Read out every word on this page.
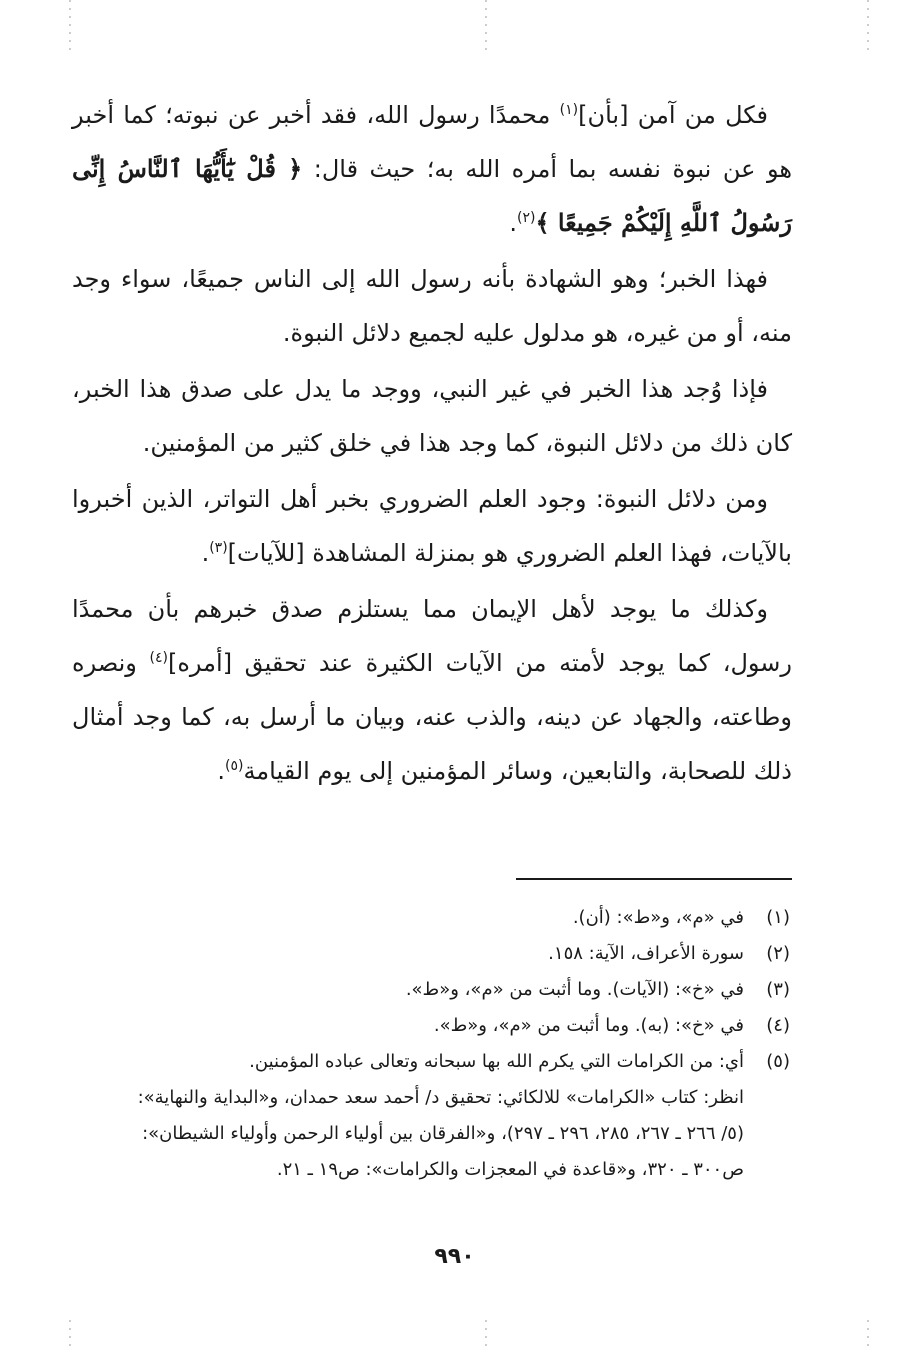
فكل من آمن [بأن]$^{(١)}$ محمدًا رسول الله، فقد أخبر عن نبوته؛ كما أخبر هو عن نبوة نفسه بما أمره الله به؛ حيث قال: ﴿ قُلْ يَٰٓأَيُّهَا ٱلنَّاسُ إِنِّى رَسُولُ ٱللَّهِ إِلَيْكُمْ جَمِيعًا ﴾$^{(٢)}$.

فهذا الخبر؛ وهو الشهادة بأنه رسول الله إلى الناس جميعًا، سواء وجد منه، أو من غيره، هو مدلول عليه لجميع دلائل النبوة.

فإذا وُجد هذا الخبر في غير النبي، ووجد ما يدل على صدق هذا الخبر، كان ذلك من دلائل النبوة، كما وجد هذا في خلق كثير من المؤمنين.

ومن دلائل النبوة: وجود العلم الضروري بخبر أهل التواتر، الذين أخبروا بالآيات، فهذا العلم الضروري هو بمنزلة المشاهدة [للآيات]$^{(٣)}$.

وكذلك ما يوجد لأهل الإيمان مما يستلزم صدق خبرهم بأن محمدًا رسول، كما يوجد لأمته من الآيات الكثيرة عند تحقيق [أمره]$^{(٤)}$ ونصره وطاعته، والجهاد عن دينه، والذب عنه، وبيان ما أرسل به، كما وجد أمثال ذلك للصحابة، والتابعين، وسائر المؤمنين إلى يوم القيامة$^{(٥)}$.

(١)
في «م»، و«ط»: (أن).
(٢)
سورة الأعراف، الآية: ١٥٨.
(٣)
في «خ»: (الآيات). وما أثبت من «م»، و«ط».
(٤)
في «خ»: (به). وما أثبت من «م»، و«ط».
(٥)
أي: من الكرامات التي يكرم الله بها سبحانه وتعالى عباده المؤمنين.
انظر: كتاب «الكرامات» للالكائي: تحقيق د/ أحمد سعد حمدان، و«البداية والنهاية»:
(٥/ ٢٦٦ ـ ٢٦٧، ٢٨٥، ٢٩٦ ـ ٢٩٧)، و«الفرقان بين أولياء الرحمن وأولياء الشيطان»:
ص٣٠٠ ـ ٣٢٠، و«قاعدة في المعجزات والكرامات»: ص١٩ ـ ٢١.
٩٩٠
